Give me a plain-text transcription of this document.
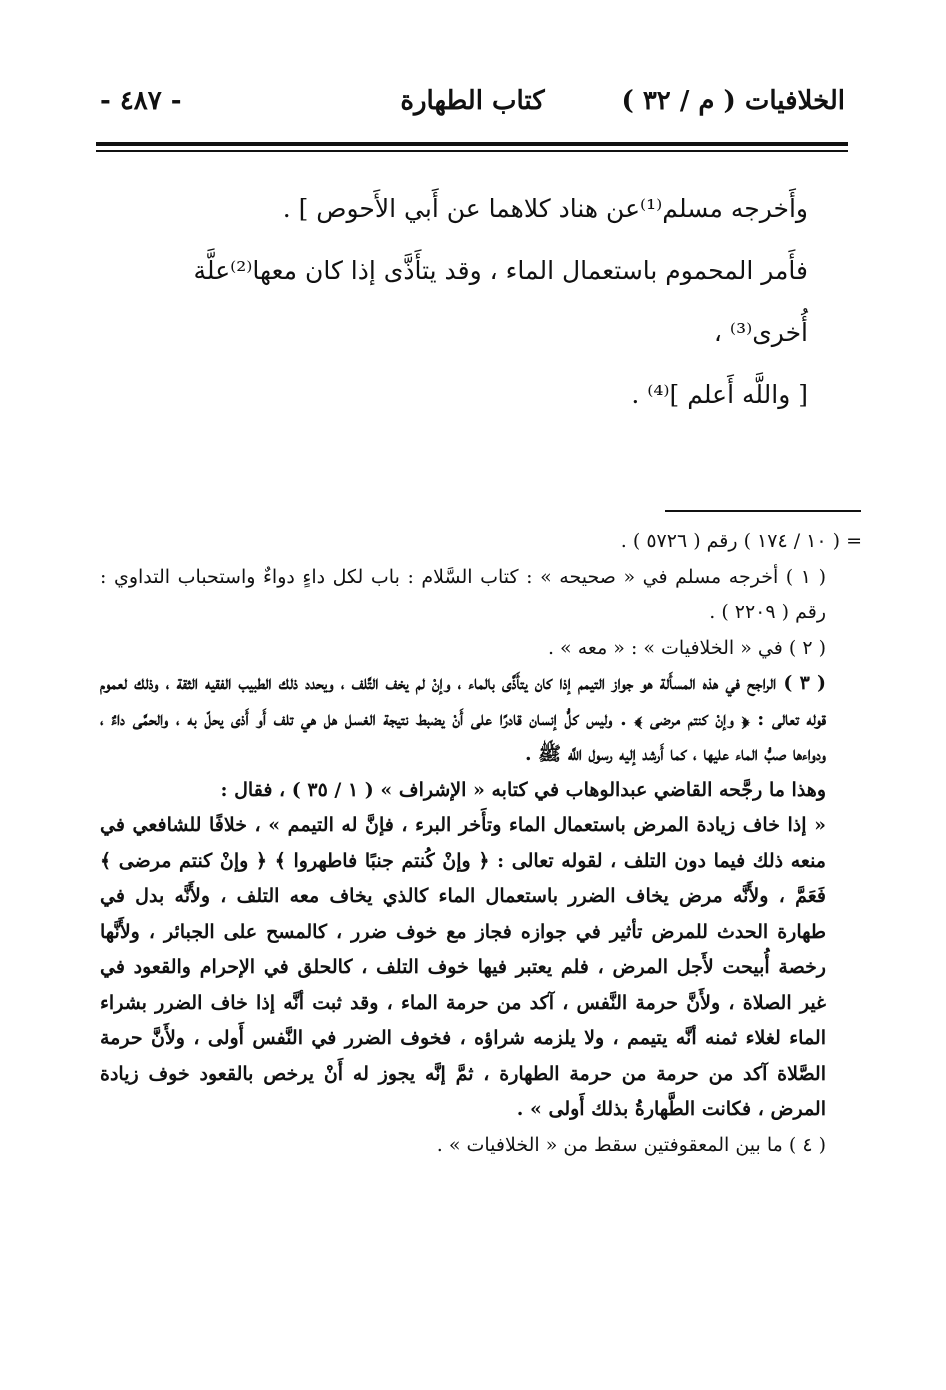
الخلافيات ( م / ٣٢ )
كتاب الطهارة
- ٤٨٧ -

وأَخرجه مسلم⁽¹⁾عن هناد كلاهما عن أَبي الأَحوص ] .

فأَمر المحموم باستعمال الماء ، وقد يتأَذَّى إذا كان معها⁽²⁾علَّة أُخرى⁽³⁾ ،

[ واللَّه أَعلم ]⁽⁴⁾ .

= ( ١٠ / ١٧٤ ) رقم ( ٥٧٢٦ ) .

( ١ ) أخرجه مسلم في « صحيحه » : كتاب السَّلام : باب لكل داءٍ دواءٌ واستحباب التداوي : رقم ( ٢٢٠٩ ) .

( ٢ ) في « الخلافيات » : « معه » .

( ٣ ) الراجح في هذه المسأَلة هو جواز التيمم إذا كان يتأَذَّى بالماء ، وإنْ لم يخف التَّلف ، ويحدد ذلك الطبيب الفقيه الثقة ، وذلك لعموم قوله تعالى : ﴿ وإنْ كنتم مرضى ﴾ . وليس كلُّ إنسان قادرًا على أَنْ يضبط نتيجة الغسل هل هي تلف أَو أَذى يحلّ به ، والحمَّى داءٌ ، ودواءها صبُّ الماء عليها ، كما أَرشد إليه رسول اللَّه ﷺ .

وهذا ما رجَّحه القاضي عبدالوهاب في كتابه « الإشراف » ( ١ / ٣٥ ) ، فقال :

« إذا خاف زيادة المرض باستعمال الماء وتأَخر البرء ، فإنَّ له التيمم » ، خلافًا للشافعي في منعه ذلك فيما دون التلف ، لقوله تعالى : ﴿ وإنْ كُنتم جنبًا فاطهروا ﴾ ﴿ وإنْ كنتم مرضى ﴾ فَعَمَّ ، ولأَنَّه مرض يخاف الضرر باستعمال الماء كالذي يخاف معه التلف ، ولأَنَّه بدل في طهارة الحدث للمرض تأثير في جوازه فجاز مع خوف ضرر ، كالمسح على الجبائر ، ولأَنَّها رخصة أُبيحت لأَجل المرض ، فلم يعتبر فيها خوف التلف ، كالحلق في الإحرام والقعود في غير الصلاة ، ولأَنَّ حرمة النَّفس ، آكد من حرمة الماء ، وقد ثبت أنَّه إذا خاف الضرر بشراء الماء لغلاء ثمنه أنَّه يتيمم ، ولا يلزمه شراؤه ، فخوف الضرر في النَّفس أَولى ، ولأَنَّ حرمة الصَّلاة آكد من حرمة من حرمة الطهارة ، ثمَّ إنَّه يجوز له أَنْ يرخص بالقعود خوف زيادة المرض ، فكانت الطَّهارةُ بذلك أَولى » .

( ٤ ) ما بين المعقوفتين سقط من « الخلافيات » .
